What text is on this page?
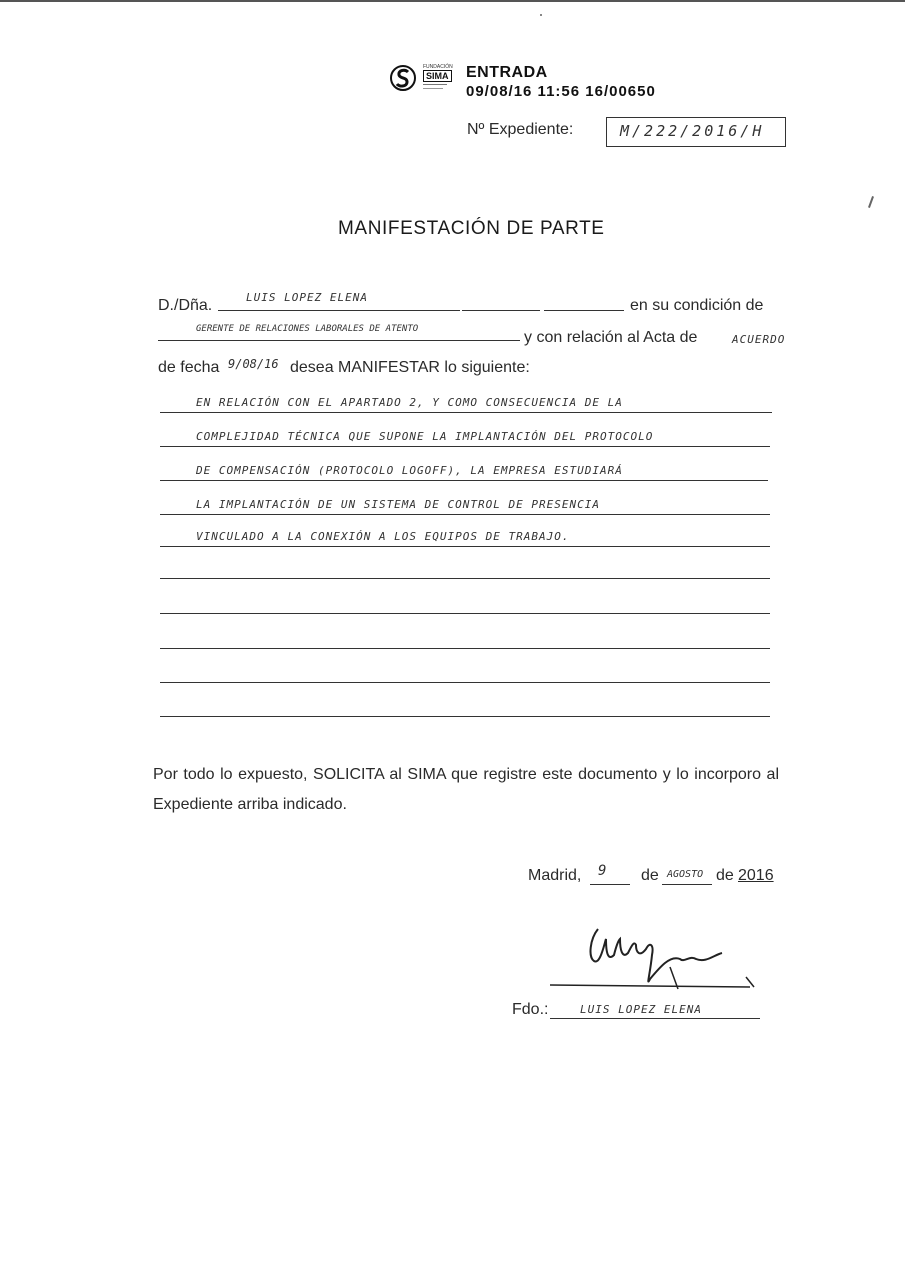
FUNDACIÓN
SIMA ENTRADA
09/08/16 11:56 16/00650
Nº Expediente:	M/222/2016/H
MANIFESTACIÓN DE PARTE
D./Dña.	LUIS LOPEZ ELENA	en su condición de
GERENTE DE RELACIONES LABORALES DE ATENTO	y con relación al Acta de	ACUERDO
de fecha 9/08/16 desea MANIFESTAR lo siguiente:
EN RELACIÓN CON EL APARTADO 2, Y COMO CONSECUENCIA DE LA
COMPLEJIDAD TÉCNICA QUE SUPONE LA IMPLANTACIÓN DEL PROTOCOLO
DE COMPENSACIÓN (PROTOCOLO LOGOFF), LA EMPRESA ESTUDIARÁ
LA IMPLANTACIÓN DE UN SISTEMA DE CONTROL DE PRESENCIA
VINCULADO A LA CONEXIÓN A LOS EQUIPOS DE TRABAJO.
Por todo lo expuesto, SOLICITA al SIMA que registre este documento y lo incorporo al Expediente arriba indicado.
Madrid, 9 de AGOSTO de 2016
Fdo.:	LUIS LOPEZ ELENA
